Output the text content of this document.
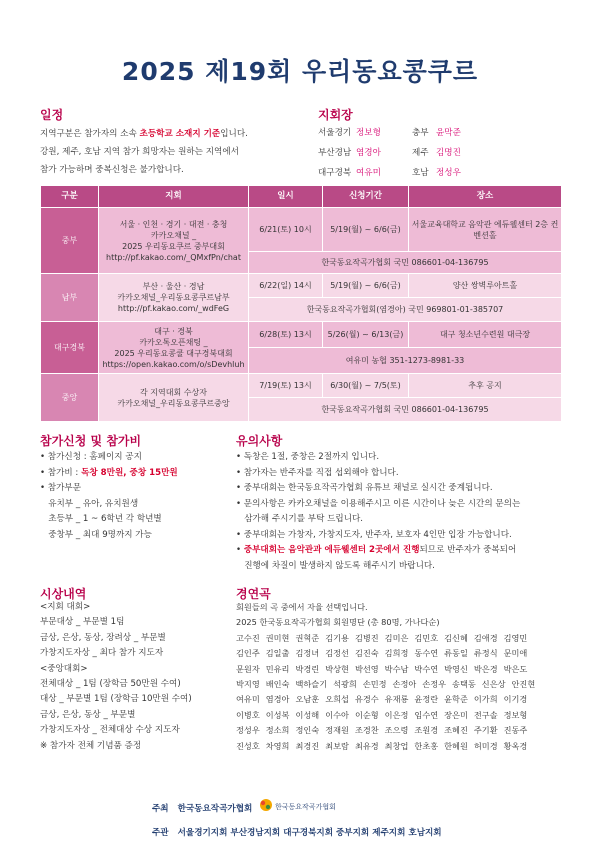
2025 제19회 우리동요콩쿠르
일정
지역구분은 참가자의 소속 초등학교 소재지 기준입니다.
강원, 제주, 호남 지역 참가 희망자는 원하는 지역에서
참가 가능하며 중복신청은 불가합니다.
지회장
서울경기 정보형	충부 윤막준
부산경남 염경아	제주 김명진
대구경북 여유미	호남 정성우
구분	지회	일시	신청기간	장소
중부	서울 · 인천 · 경기 · 대전 · 충청
카카오채널 _
2025 우리동요쿠르 중부대회
http://pf.kakao.com/_QMxfPn/chat	6/21(토) 10시	5/19(월) ~ 6/6(금)	서울교육대학교 음악관 에듀웰센터 2층 컨벤션홀
		한국동요작곡가협회 국민 086601-04-136795		
남부	부산 · 울산 · 경남
카카오채널_우리동요콩쿠르남부
http://pf.kakao.com/_wdFeG	6/22(일) 14시	5/19(월) ~ 6/6(금)	양산 쌍벽루아트홀
		한국동요작곡가협회(염경아) 국민 969801-01-385707		
대구경북	대구 · 경북
카카오톡오픈채팅 _
2025 우리동요콩쿨 대구경북대회
https://open.kakao.com/o/sDevhluh	6/28(토) 13시	5/26(월) ~ 6/13(금)	대구 청소년수련원 대극장
		여유미 농협 351-1273-8981-33		
중앙	각 지역대회 수상자
카카오채널_우리동요콩쿠르중앙	7/19(토) 13시	6/30(월) ~ 7/5(토)	추후 공지
		한국동요작곡가협회 국민 086601-04-136795		
참가신청 및 참가비
• 참가신청 : 홈페이지 공지
• 참가비 : 독창 8만원, 중창 15만원
• 참가부문
유치부 _ 유아, 유치원생
초등부 _ 1 ~ 6학년 각 학년별
중창부 _ 최대 9명까지 가능
유의사항
• 독창은 1절, 중창은 2절까지 입니다.
• 참가자는 반주자를 직접 섭외해야 합니다.
• 중부대회는 한국동요작곡가협회 유튜브 채널로 실시간 중계됩니다.
• 문의사항은 카카오채널을 이용해주시고 이른 시간이나 늦은 시간의 문의는
삼가해 주시기를 부탁 드립니다.
• 중부대회는 가창자, 가창지도자, 반주자, 보호자 4인만 입장 가능합니다.
• 중부대회는 음악관과 에듀웰센터 2곳에서 진행되므로 반주자가 중복되어
진행에 차질이 발생하지 않도록 해주시기 바랍니다.
시상내역
<지회 대회>
부문대상 _ 부문별 1팀
금상, 은상, 동상, 장려상 _ 부문별
가창지도자상 _ 최다 참가 지도자
<중앙대회>
전체대상 _ 1팀 (장학금 50만원 수여)
대상 _ 부문별 1팀 (장학금 10만원 수여)
금상, 은상, 동상 _ 부문별
가창지도자상 _ 전체대상 수상 지도자
※ 참가자 전체 기념품 증정
경연곡
회원들의 곡 중에서 자율 선택입니다.
2025 한국동요작곡가협회 회원명단 (총 80명, 가나다순)
고수진 권미현 권혁준 김기용 김병진 김미은 김민호 김신혜 김애경 김영민
김인주 김일출 김정녀 김정선 김진숙 김희정 동수연 류동일 류정식 문미애
문원자 민유리 박경린 박상현 박선영 박수남 박수연 박영신 박은경 박은도
박지영 배인숙 백하슬기 석광희 손민정 손정아 손정우 송택동 신은상 안진현
여유미 염경아 오남훈 오희섭 유경수 유재룡 윤정란 윤학준 이가희 이기경
이병호 이성복 이성해 이수아 이순형 이은정 임수연 장은미 전구솔 정보형
정성우 정소희 정인숙 정재원 조경찬 조으령 조원경 조혜진 주기환 진동주
진성호 차영희 최경진 최보람 최유경 최창업 한초홍 한혜원 허미경 황옥경
주최 한국동요작곡가협회	한국동요작곡가협회
주관 서울경기지회 부산경남지회 대구경북지회 중부지회 제주지회 호남지회
